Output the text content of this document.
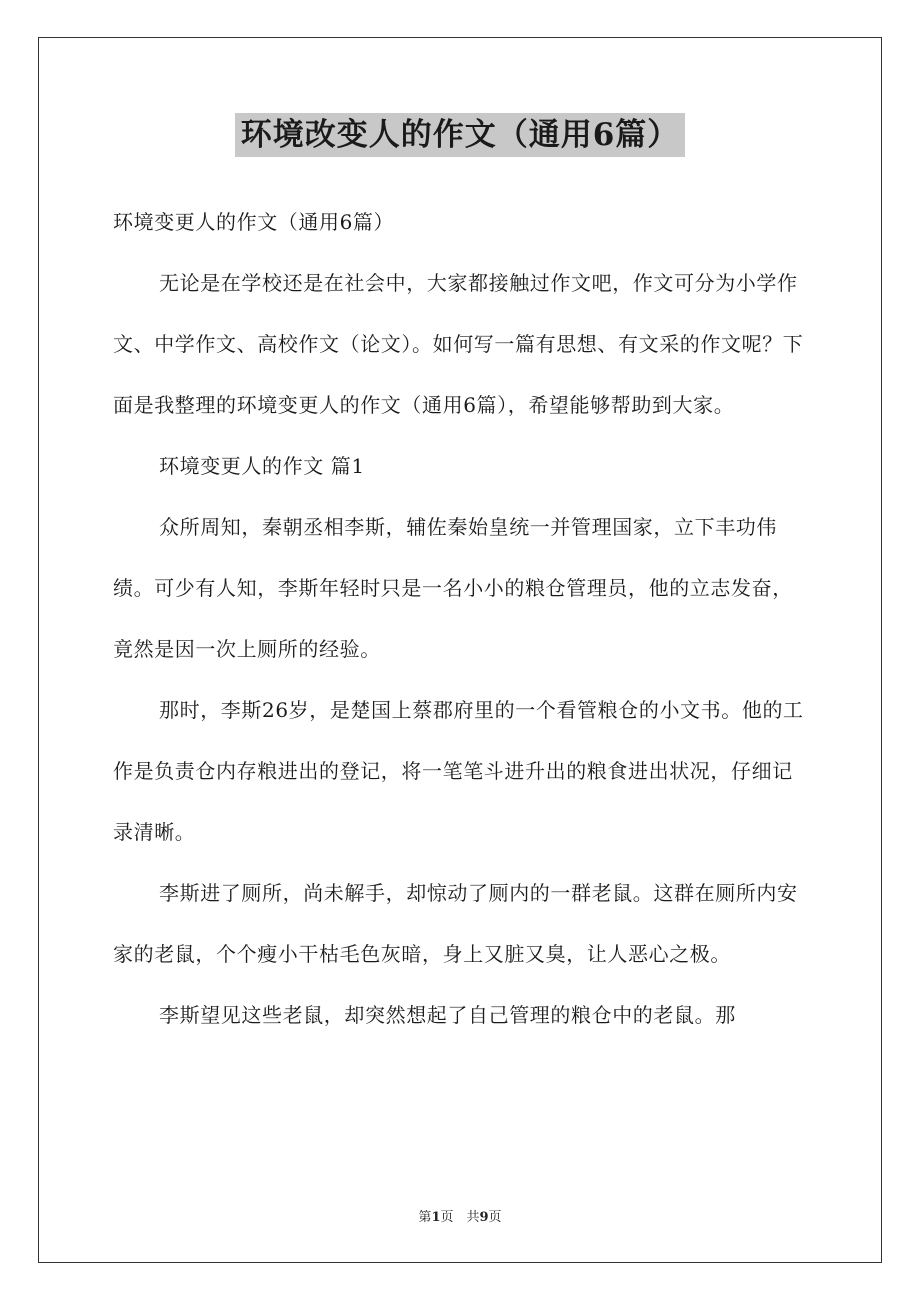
环境改变人的作文（通用6篇）

环境变更人的作文（通用6篇）

无论是在学校还是在社会中，大家都接触过作文吧，作文可分为小学作文、中学作文、高校作文（论文）。如何写一篇有思想、有文采的作文呢？下面是我整理的环境变更人的作文（通用6篇），希望能够帮助到大家。

环境变更人的作文 篇1

众所周知，秦朝丞相李斯，辅佐秦始皇统一并管理国家，立下丰功伟绩。可少有人知，李斯年轻时只是一名小小的粮仓管理员，他的立志发奋，竟然是因一次上厕所的经验。

那时，李斯26岁，是楚国上蔡郡府里的一个看管粮仓的小文书。他的工作是负责仓内存粮进出的登记，将一笔笔斗进升出的粮食进出状况，仔细记录清晰。

李斯进了厕所，尚未解手，却惊动了厕内的一群老鼠。这群在厕所内安家的老鼠，个个瘦小干枯毛色灰暗，身上又脏又臭，让人恶心之极。

李斯望见这些老鼠，却突然想起了自己管理的粮仓中的老鼠。那

第1页　共9页
